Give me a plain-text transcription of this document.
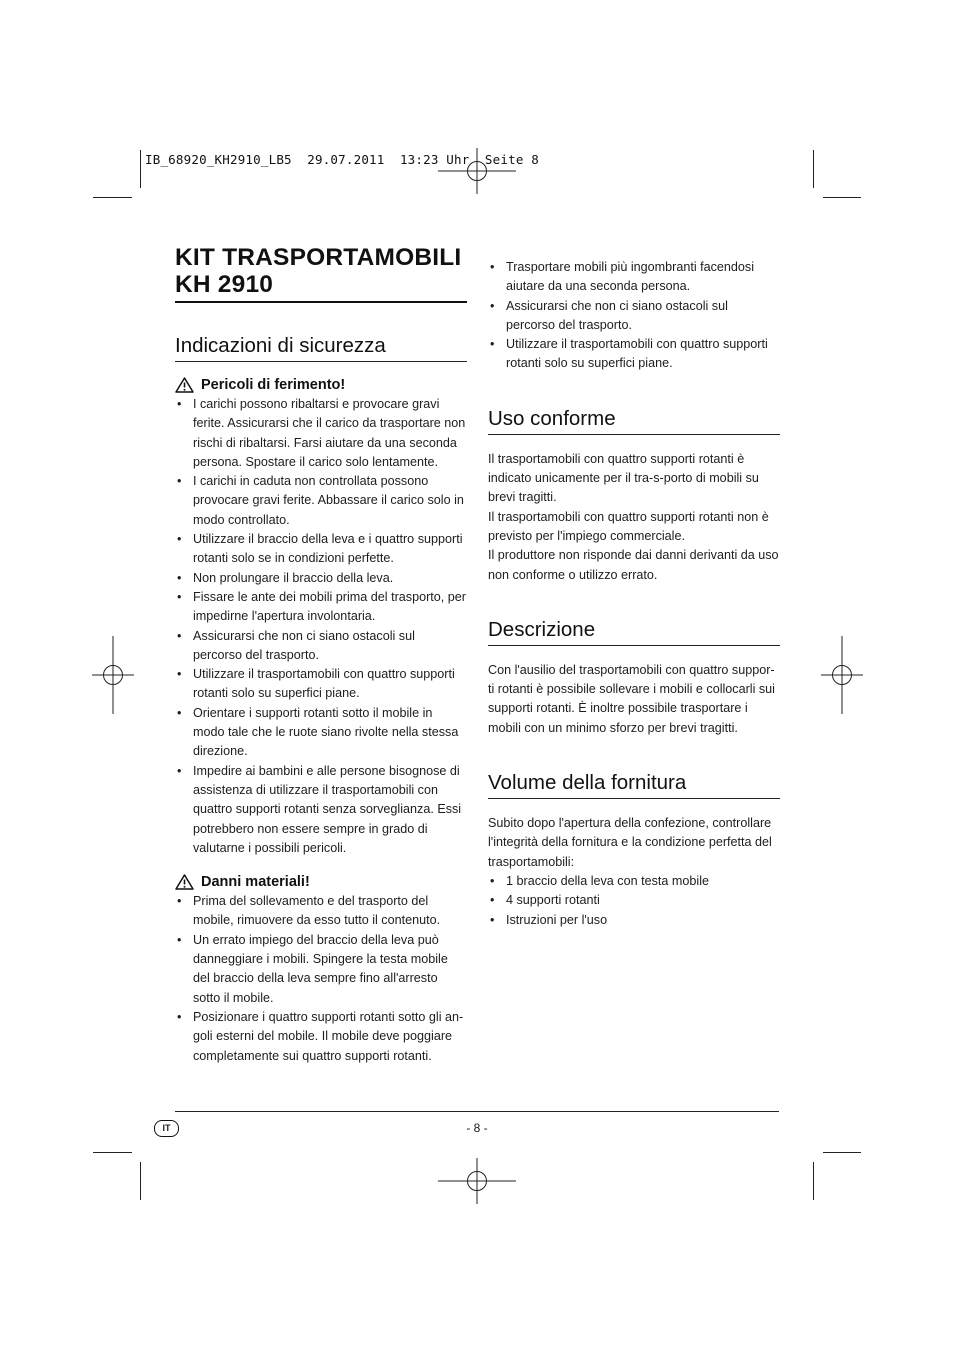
IB_68920_KH2910_LB5  29.07.2011  13:23 Uhr  Seite 8
KIT TRASPORTAMOBILI
KH 2910
Indicazioni di sicurezza
Pericoli di ferimento!
• I carichi possono ribaltarsi e provocare gravi ferite. Assicurarsi che il carico da trasportare non rischi di ribaltarsi. Farsi aiutare da una seconda persona. Spostare il carico solo lentamente.
• I carichi in caduta non controllata possono provocare gravi ferite. Abbassare il carico solo in modo controllato.
• Utilizzare il braccio della leva e i quattro supporti rotanti solo se in condizioni perfette.
• Non prolungare il braccio della leva.
• Fissare le ante dei mobili prima del trasporto, per impedirne l'apertura involontaria.
• Assicurarsi che non ci siano ostacoli sul percorso del trasporto.
• Utilizzare il trasportamobili con quattro supporti rotanti solo su superfici piane.
• Orientare i supporti rotanti sotto il mobile in modo tale che le ruote siano rivolte nella stessa direzione.
• Impedire ai bambini e alle persone bisognose di assistenza di utilizzare il trasportamobili con quattro supporti rotanti senza sorveglianza. Essi potrebbero non essere sempre in grado di valutarne i possibili pericoli.
Danni materiali!
• Prima del sollevamento e del trasporto del mobile, rimuovere da esso tutto il contenuto.
• Un errato impiego del braccio della leva può danneggiare i mobili. Spingere la testa mobile del braccio della leva sempre fino all'arresto sotto il mobile.
• Posizionare i quattro supporti rotanti sotto gli an-goli esterni del mobile. Il mobile deve poggiare completamente sui quattro supporti rotanti.
• Trasportare mobili più ingombranti facendosi aiutare da una seconda persona.
• Assicurarsi che non ci siano ostacoli sul percorso del trasporto.
• Utilizzare il trasportamobili con quattro supporti rotanti solo su superfici piane.
Uso conforme

Il trasportamobili con quattro supporti rotanti è indicato unicamente per il tra-s-porto di mobili su brevi tragitti.

Il trasportamobili con quattro supporti rotanti non è previsto per l'impiego commerciale.

Il produttore non risponde dai danni derivanti da uso non conforme o utilizzo errato.

Descrizione

Con l'ausilio del trasportamobili con quattro suppor-ti rotanti è possibile sollevare i mobili e collocarli sui supporti rotanti. È inoltre possibile trasportare i mobili con un minimo sforzo per brevi tragitti.

Volume della fornitura

Subito dopo l'apertura della confezione, controllare l'integrità della fornitura e la condizione perfetta del trasportamobili:

• 1 braccio della leva con testa mobile
• 4 supporti rotanti
• Istruzioni per l'uso
IT	- 8 -
